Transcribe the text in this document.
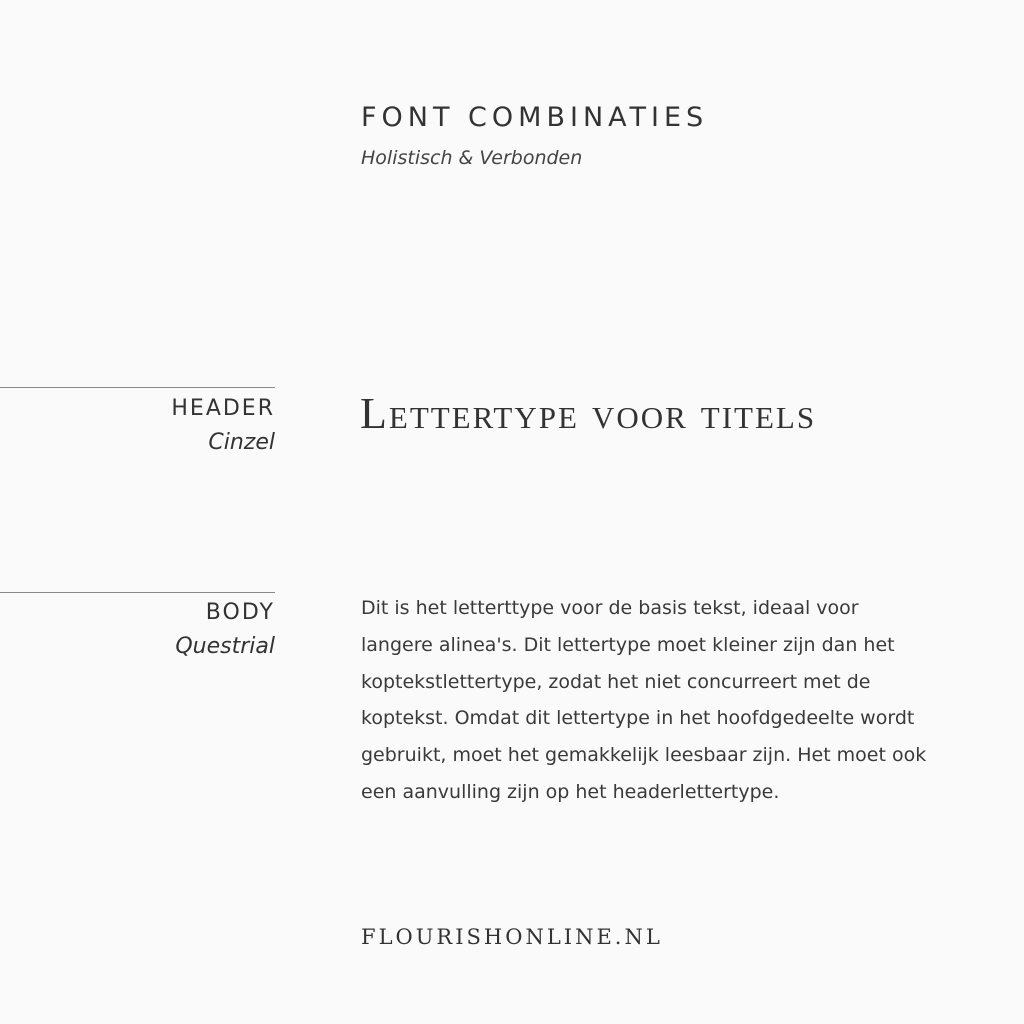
FONT COMBINATIES
Holistisch & Verbonden
HEADER
Cinzel
Lettertype voor titels
BODY
Questrial
Dit is het letterttype voor de basis tekst, ideaal voor langere alinea's. Dit lettertype moet kleiner zijn dan het koptekstlettertype, zodat het niet concurreert met de koptekst. Omdat dit lettertype in het hoofdgedeelte wordt gebruikt, moet het gemakkelijk leesbaar zijn. Het moet ook een aanvulling zijn op het headerlettertype.
FLOURISHONLINE.NL
